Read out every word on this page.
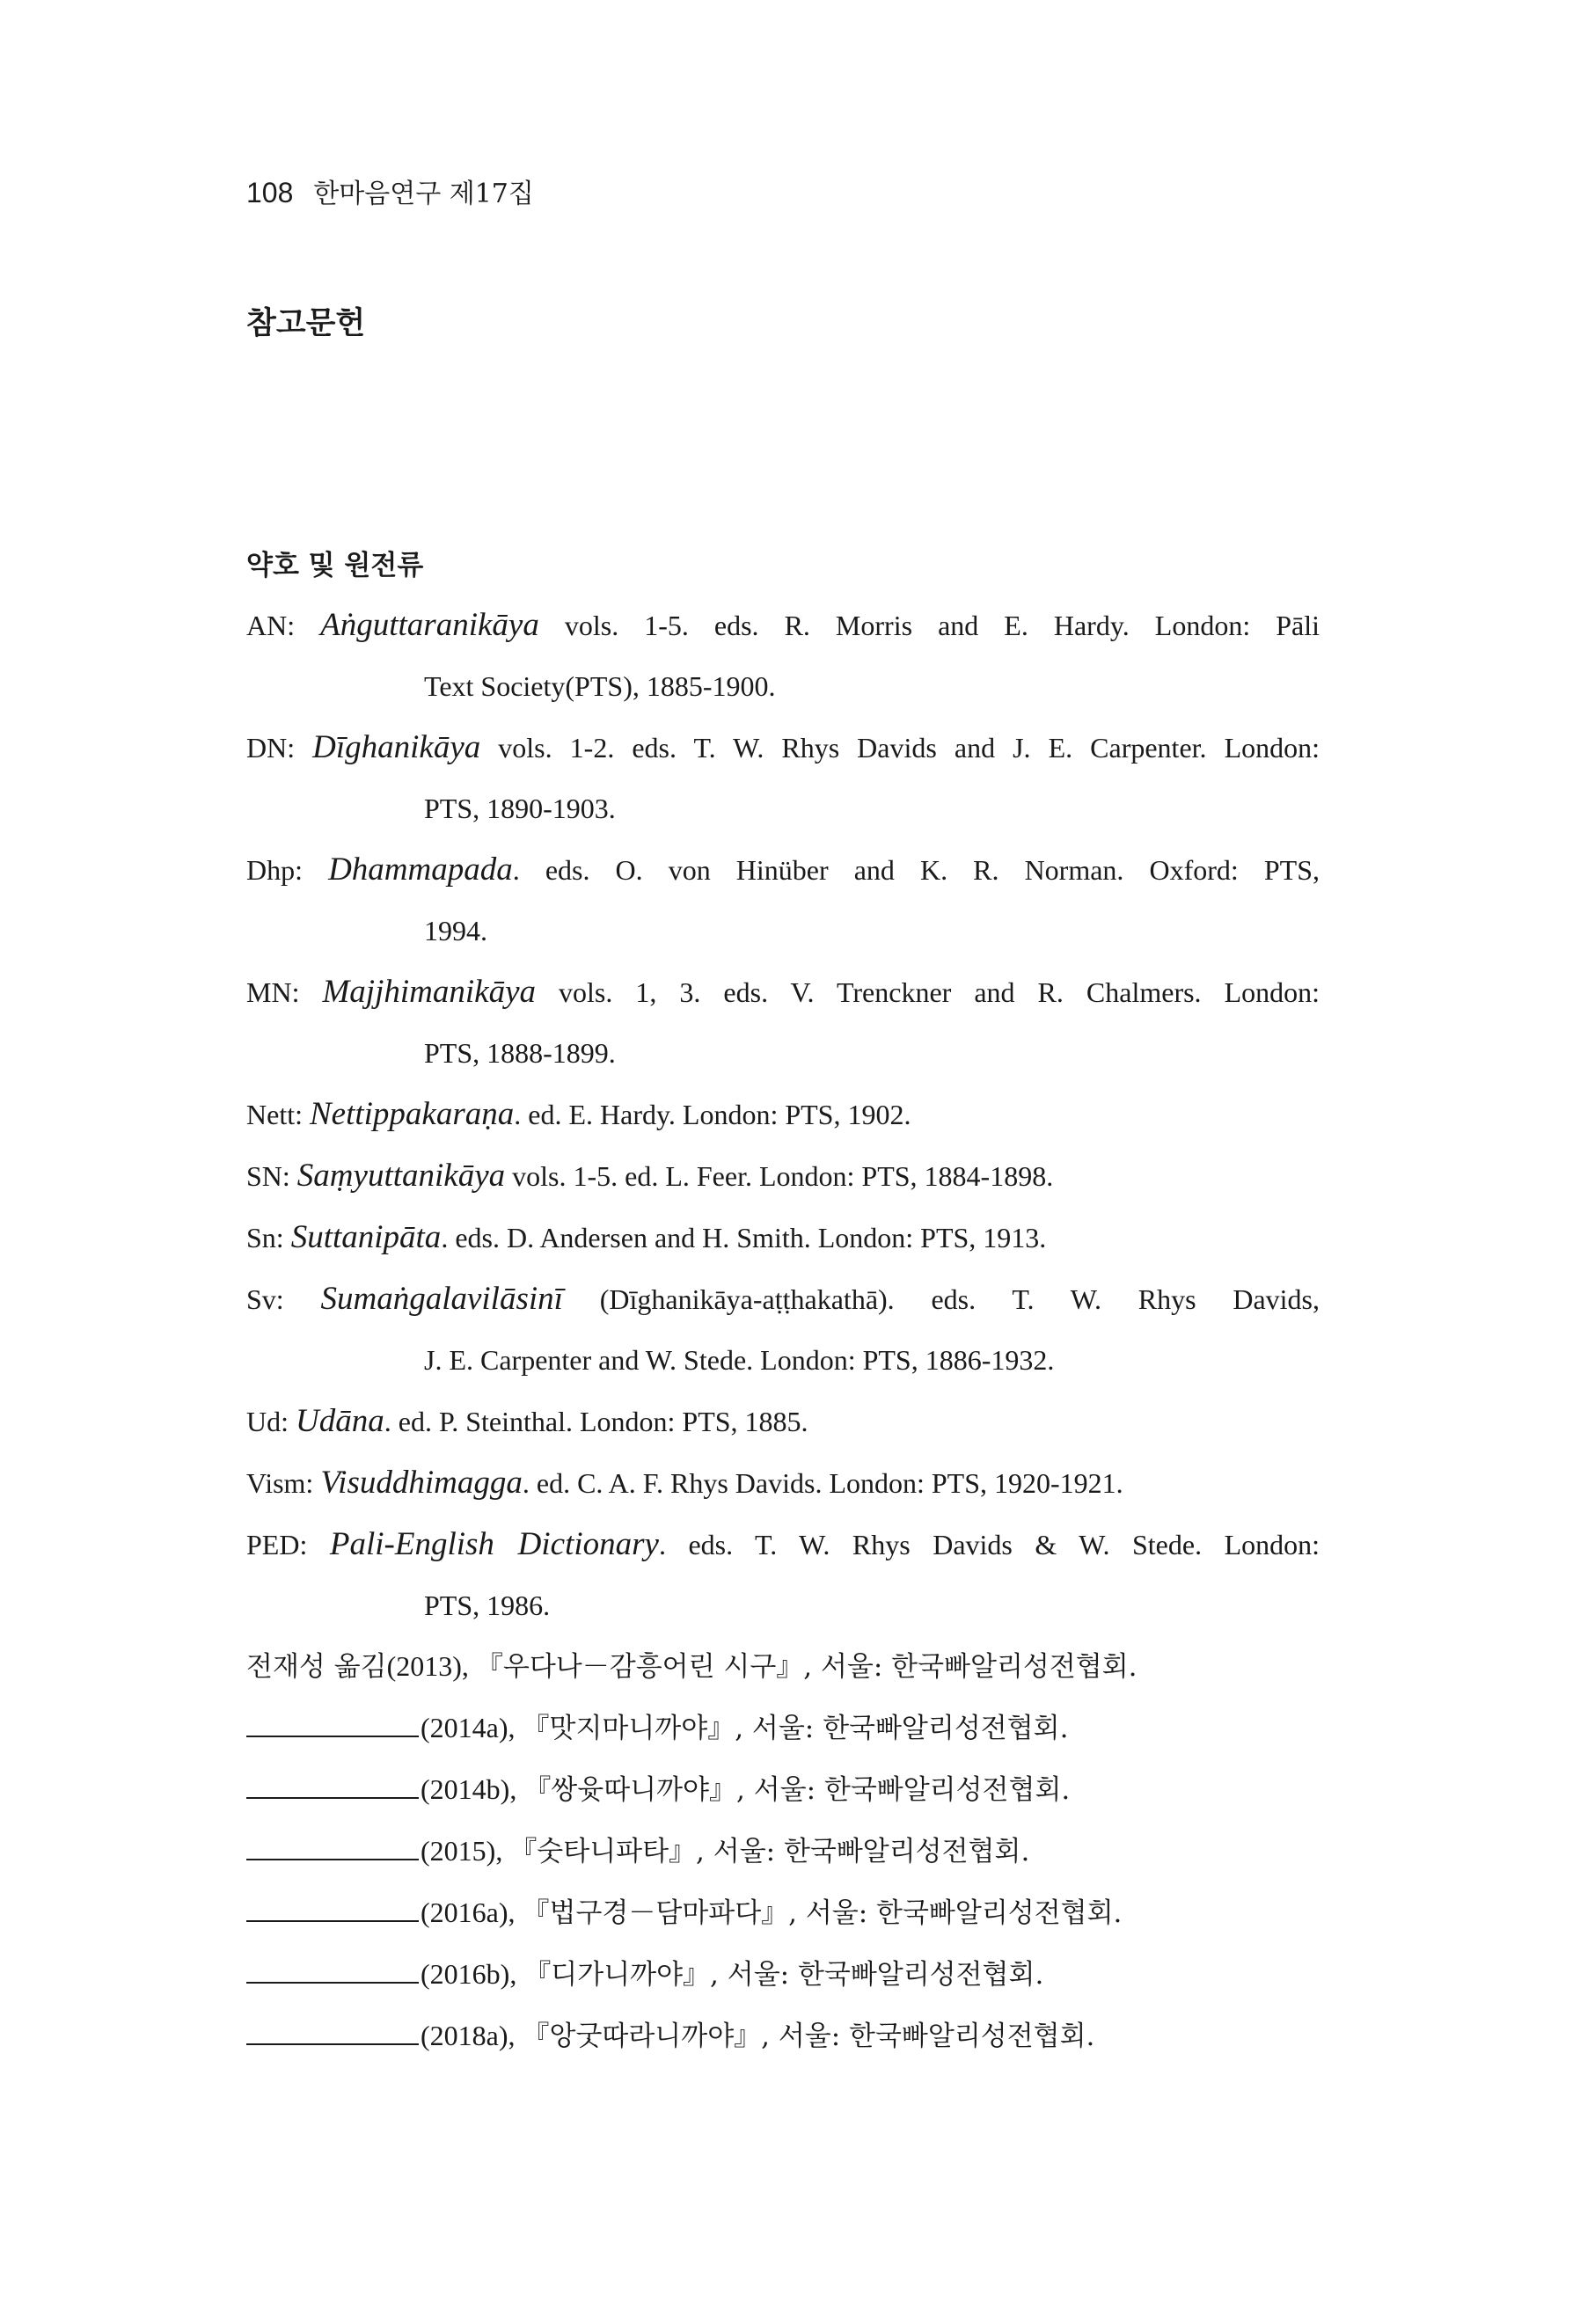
108 한마음연구 제17집
참고문헌
약호 및 원전류
AN: Aṅguttaranikāya vols. 1-5. eds. R. Morris and E. Hardy. London: Pāli
Text Society(PTS), 1885-1900.
DN: Dīghanikāya vols. 1-2. eds. T. W. Rhys Davids and J. E. Carpenter. London:
PTS, 1890-1903.
Dhp: Dhammapada. eds. O. von Hinüber and K. R. Norman. Oxford: PTS,
1994.
MN: Majjhimanikāya vols. 1, 3. eds. V. Trenckner and R. Chalmers. London:
PTS, 1888-1899.
Nett: Nettippakaraṇa. ed. E. Hardy. London: PTS, 1902.
SN: Saṃyuttanikāya vols. 1-5. ed. L. Feer. London: PTS, 1884-1898.
Sn: Suttanipāta. eds. D. Andersen and H. Smith. London: PTS, 1913.
Sv: Sumaṅgalavilāsinī (Dīghanikāya-aṭṭhakathā). eds. T. W. Rhys Davids,
J. E. Carpenter and W. Stede. London: PTS, 1886-1932.
Ud: Udāna. ed. P. Steinthal. London: PTS, 1885.
Vism: Visuddhimagga. ed. C. A. F. Rhys Davids. London: PTS, 1920-1921.
PED: Pali-English Dictionary. eds. T. W. Rhys Davids & W. Stede. London:
PTS, 1986.
전재성 옮김(2013), 『우다나－감흥어린 시구』, 서울: 한국빠알리성전협회.
(2014a), 『맛지마니까야』, 서울: 한국빠알리성전협회.
(2014b), 『쌍윳따니까야』, 서울: 한국빠알리성전협회.
(2015), 『숫타니파타』, 서울: 한국빠알리성전협회.
(2016a), 『법구경－담마파다』, 서울: 한국빠알리성전협회.
(2016b), 『디가니까야』, 서울: 한국빠알리성전협회.
(2018a), 『앙굿따라니까야』, 서울: 한국빠알리성전협회.
